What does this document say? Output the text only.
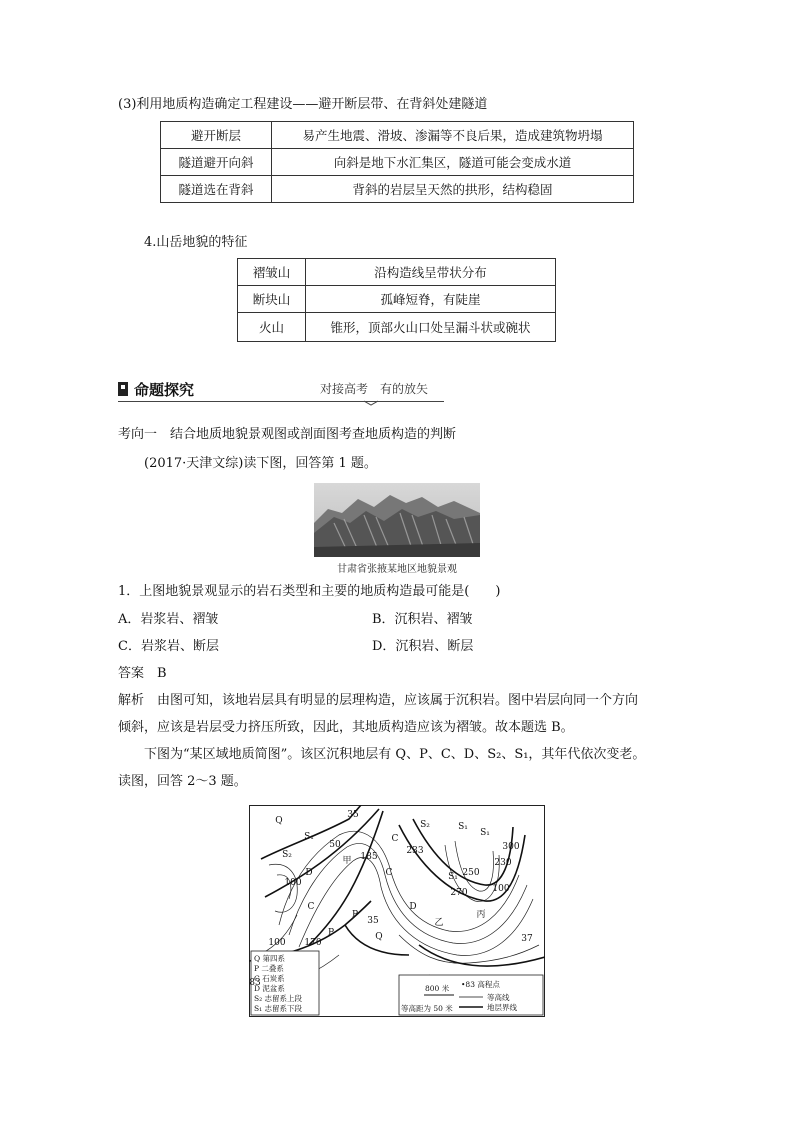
(3)利用地质构造确定工程建设——避开断层带、在背斜处建隧道
避开断层	易产生地震、滑坡、渗漏等不良后果，造成建筑物坍塌
隧道避开向斜	向斜是地下水汇集区，隧道可能会变成水道
隧道选在背斜	背斜的岩层呈天然的拱形，结构稳固
4.山岳地貌的特征
褶皱山	沿构造线呈带状分布
断块山	孤峰短脊，有陡崖
火山	锥形，顶部火山口处呈漏斗状或碗状
命题探究	对接高考　有的放矢
考向一　结合地质地貌景观图或剖面图考查地质构造的判断
(2017·天津文综)读下图，回答第 1 题。
甘肃省张掖某地区地貌景观
1．上图地貌景观显示的岩石类型和主要的地质构造最可能是(　　)
A．岩浆岩、褶皱	B．沉积岩、褶皱
C．岩浆岩、断层	D．沉积岩、断层
答案　B
解析　由图可知，该地岩层具有明显的层理构造，应该属于沉积岩。图中岩层向同一个方向
倾斜，应该是岩层受力挤压所致，因此，其地质构造应该为褶皱。故本题选 B。
下图为“某区域地质简图”。该区沉积地层有 Q、P、C、D、S₂、S₁，其年代依次变老。
读图，回答 2～3 题。
Q
S₂
S₁
50
100
D
C
P
35
185
甲
233
S₂	S₁
230
300
270
S₁
100
丙
D
C
35
Q
P
170
100
83
37
C
S₁
乙
250
Q 第四系
P 二叠系
C 石炭系
D 泥盆系
S₂ 志留系上段
S₁ 志留系下段
800 米
等高距为 50 米
•83 高程点
等高线
地层界线
